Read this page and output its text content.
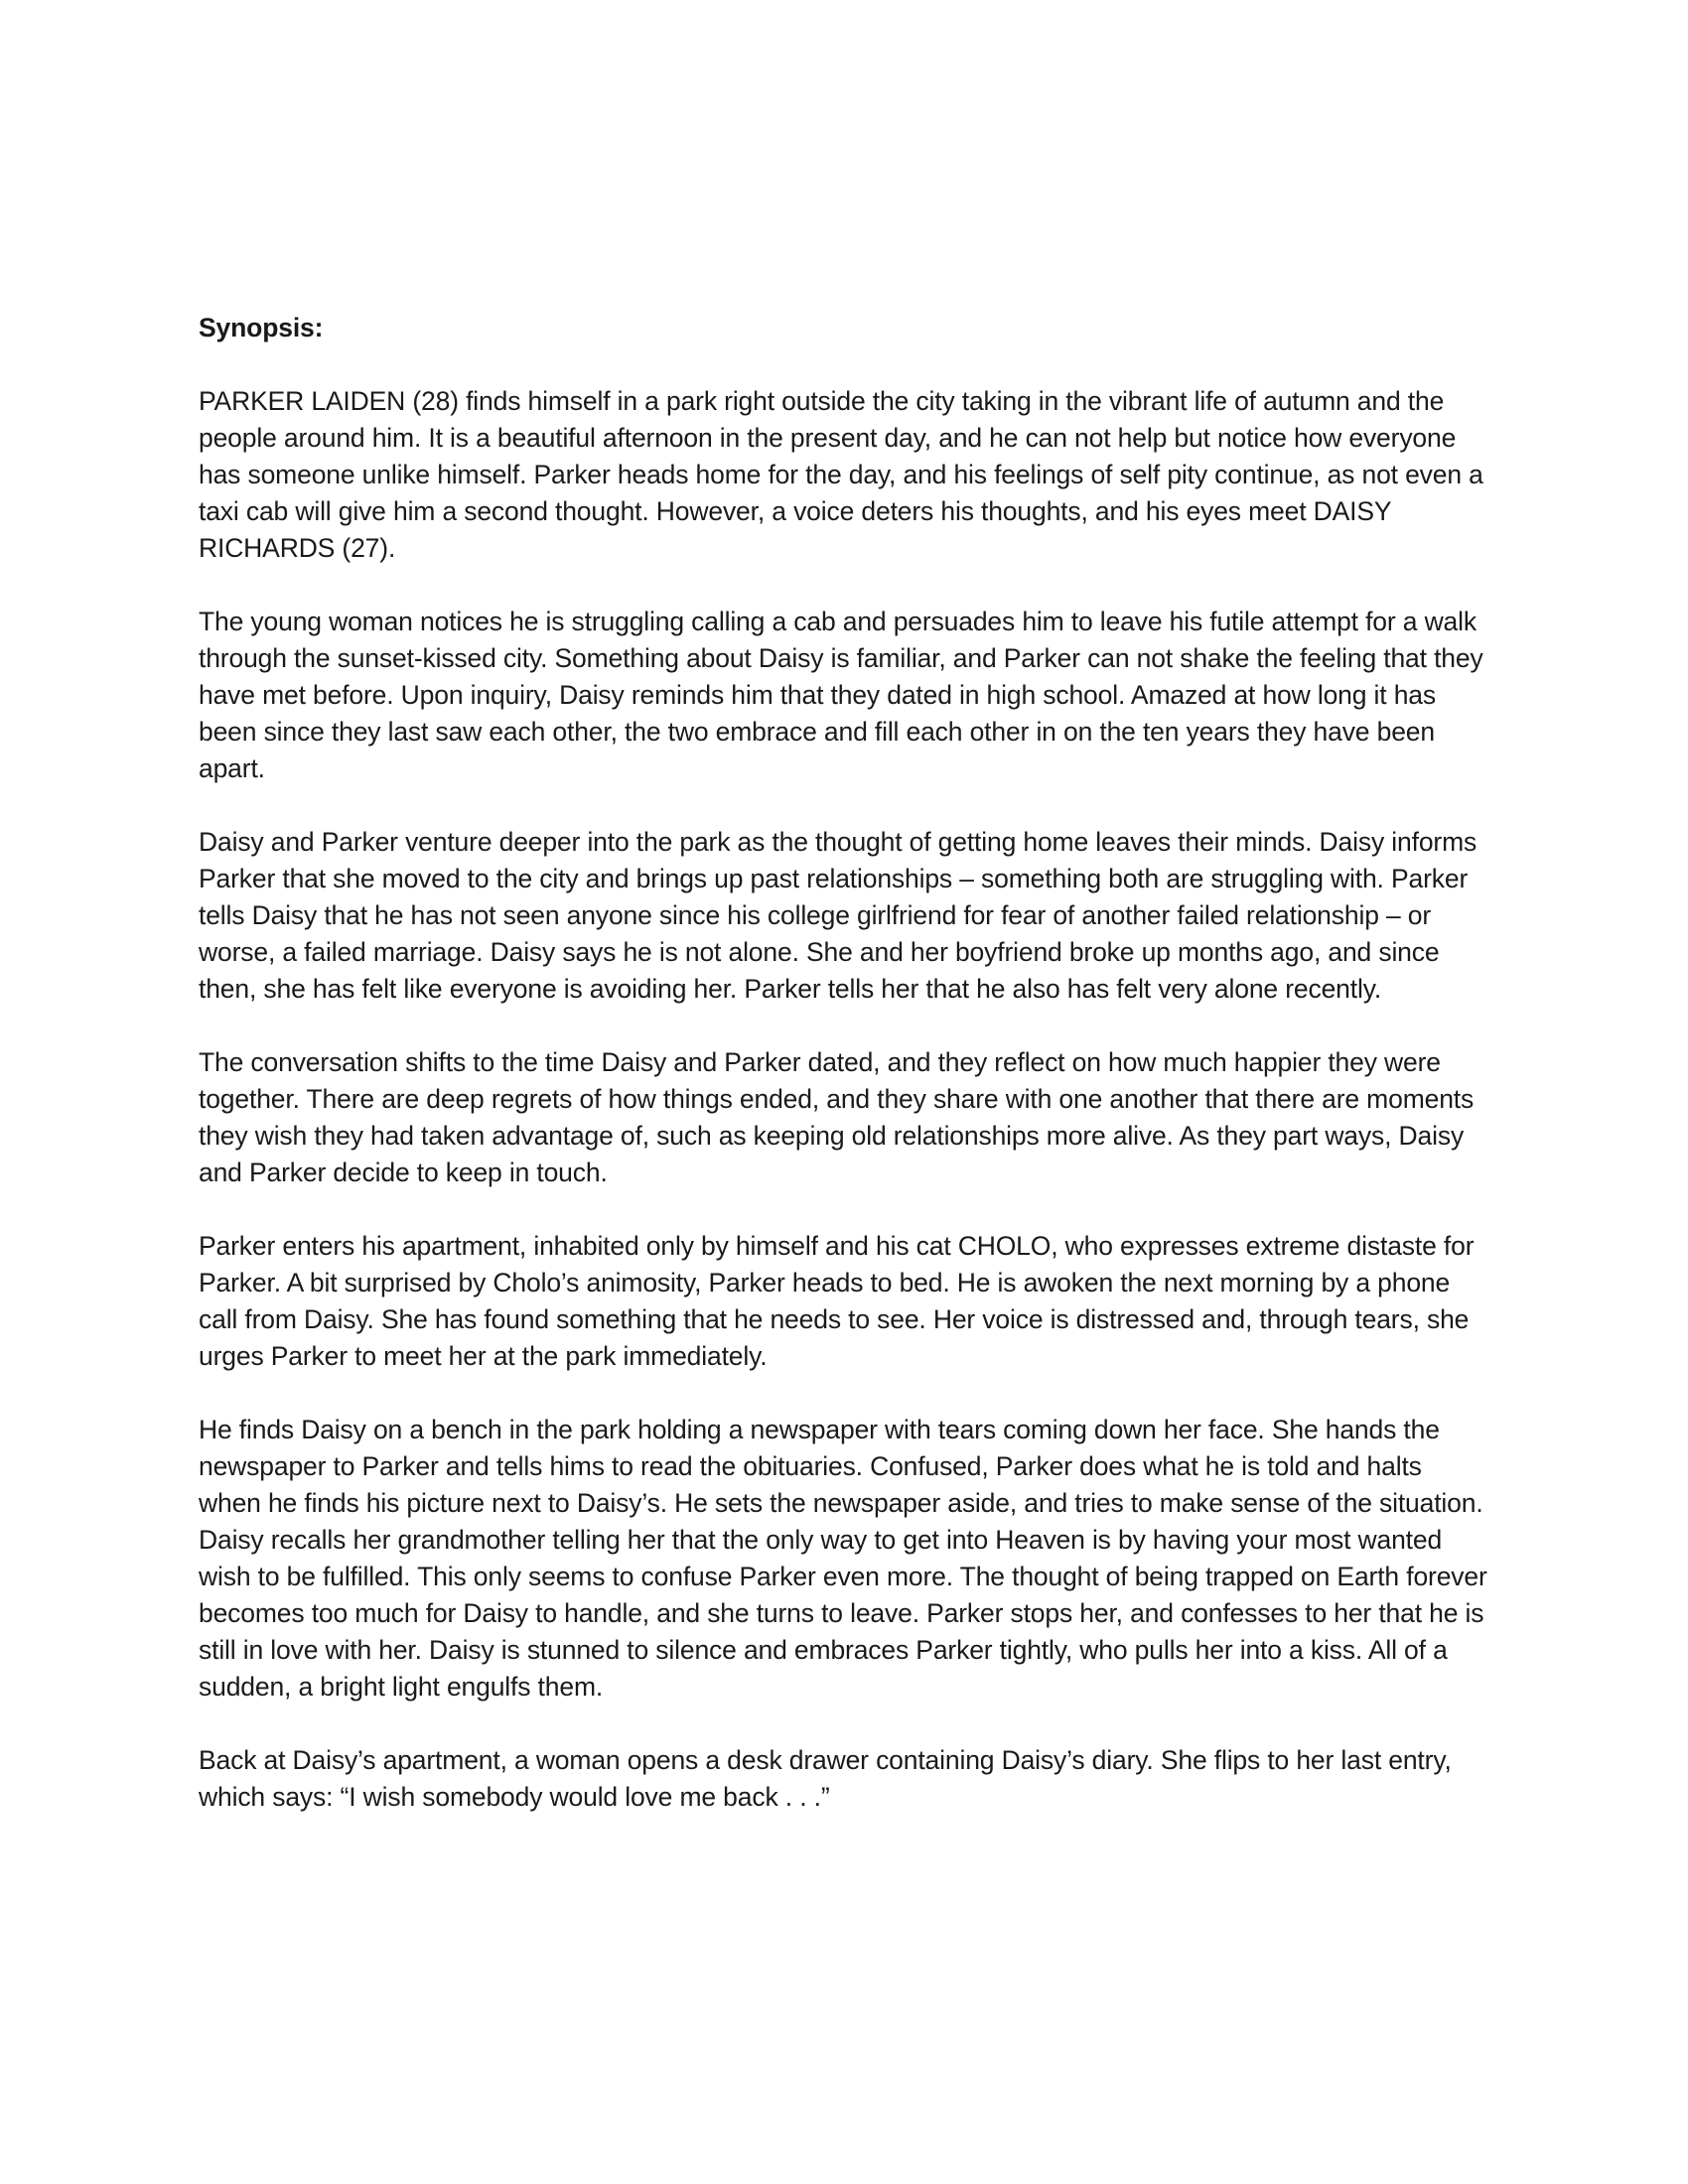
Synopsis:

PARKER LAIDEN (28) finds himself in a park right outside the city taking in the vibrant life of autumn and the people around him. It is a beautiful afternoon in the present day, and he can not help but notice how everyone has someone unlike himself. Parker heads home for the day, and his feelings of self pity continue, as not even a taxi cab will give him a second thought. However, a voice deters his thoughts, and his eyes meet DAISY RICHARDS (27).

The young woman notices he is struggling calling a cab and persuades him to leave his futile attempt for a walk through the sunset-kissed city. Something about Daisy is familiar, and Parker can not shake the feeling that they have met before. Upon inquiry, Daisy reminds him that they dated in high school. Amazed at how long it has been since they last saw each other, the two embrace and fill each other in on the ten years they have been apart.

Daisy and Parker venture deeper into the park as the thought of getting home leaves their minds. Daisy informs Parker that she moved to the city and brings up past relationships – something both are struggling with. Parker tells Daisy that he has not seen anyone since his college girlfriend for fear of another failed relationship – or worse, a failed marriage. Daisy says he is not alone. She and her boyfriend broke up months ago, and since then, she has felt like everyone is avoiding her. Parker tells her that he also has felt very alone recently.

The conversation shifts to the time Daisy and Parker dated, and they reflect on how much happier they were together. There are deep regrets of how things ended, and they share with one another that there are moments they wish they had taken advantage of, such as keeping old relationships more alive. As they part ways, Daisy and Parker decide to keep in touch.

Parker enters his apartment, inhabited only by himself and his cat CHOLO, who expresses extreme distaste for Parker. A bit surprised by Cholo’s animosity, Parker heads to bed. He is awoken the next morning by a phone call from Daisy. She has found something that he needs to see. Her voice is distressed and, through tears, she urges Parker to meet her at the park immediately.

He finds Daisy on a bench in the park holding a newspaper with tears coming down her face. She hands the newspaper to Parker and tells hims to read the obituaries. Confused, Parker does what he is told and halts when he finds his picture next to Daisy’s. He sets the newspaper aside, and tries to make sense of the situation. Daisy recalls her grandmother telling her that the only way to get into Heaven is by having your most wanted wish to be fulfilled. This only seems to confuse Parker even more. The thought of being trapped on Earth forever becomes too much for Daisy to handle, and she turns to leave. Parker stops her, and confesses to her that he is still in love with her. Daisy is stunned to silence and embraces Parker tightly, who pulls her into a kiss. All of a sudden, a bright light engulfs them.

Back at Daisy’s apartment, a woman opens a desk drawer containing Daisy’s diary. She flips to her last entry, which says: “I wish somebody would love me back . . .”
